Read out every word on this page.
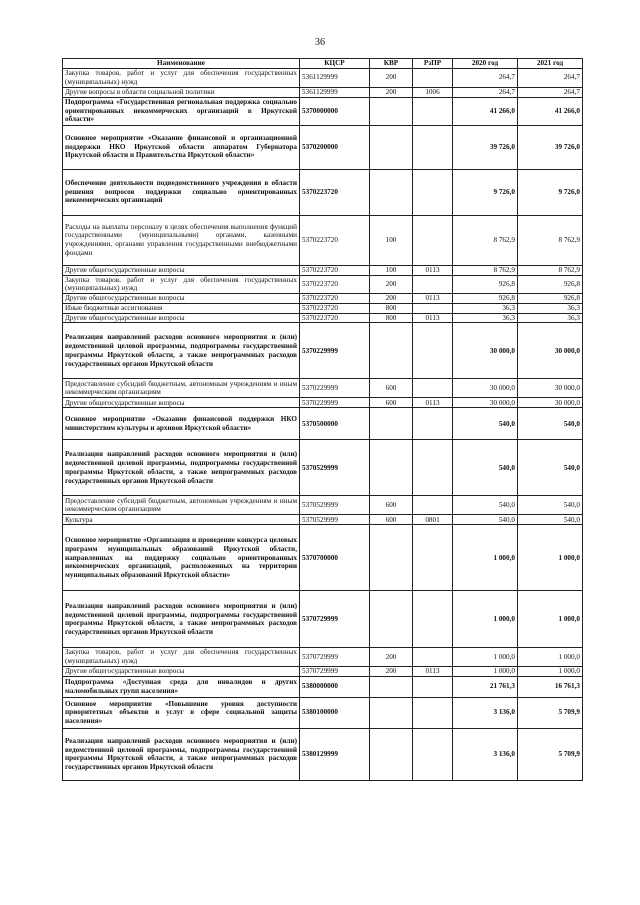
36
Наименование	КЦСР	КВР	РзПР	2020 год	2021 год
Закупка товаров, работ и услуг для обеспечения государственных (муниципальных) нужд	5361129999	200		264,7	264,7
Другие вопросы в области социальной политики	5361129999	200	1006	264,7	264,7
Подпрограмма «Государственная региональная поддержка социально ориентированных некоммерческих организаций в Иркутской области»	5370000000			41 266,0	41 266,0
Основное мероприятие «Оказание финансовой и организационной поддержки НКО Иркутской области аппаратом Губернатора Иркутской области и Правительства Иркутской области»	5370200000			39 726,0	39 726,0
Обеспечение деятельности подведомственного учреждения в области решения вопросов поддержки социально ориентированных некоммерческих организаций	5370223720			9 726,0	9 726,0
Расходы на выплаты персоналу в целях обеспечения выполнения функций государственными (муниципальными) органами, казенными учреждениями, органами управления государственными внебюджетными фондами	5370223720	100		8 762,9	8 762,9
Другие общегосударственные вопросы	5370223720	100	0113	8 762,9	8 762,9
Закупка товаров, работ и услуг для обеспечения государственных (муниципальных) нужд	5370223720	200		926,8	926,8
Другие общегосударственные вопросы	5370223720	200	0113	926,8	926,8
Иные бюджетные ассигнования	5370223720	800		36,3	36,3
Другие общегосударственные вопросы	5370223720	800	0113	36,3	36,3
Реализация направлений расходов основного мероприятия и (или) ведомственной целевой программы, подпрограммы государственной программы Иркутской области, а также непрограммных расходов государственных органов Иркутской области	5370229999			30 000,0	30 000,0
Предоставление субсидий бюджетным, автономным учреждениям и иным некоммерческим организациям	5370229999	600		30 000,0	30 000,0
Другие общегосударственные вопросы	5370229999	600	0113	30 000,0	30 000,0
Основное мероприятие «Оказание финансовой поддержки НКО министерством культуры и архивов Иркутской области»	5370500000			540,0	540,0
Реализация направлений расходов основного мероприятия и (или) ведомственной целевой программы, подпрограммы государственной программы Иркутской области, а также непрограммных расходов государственных органов Иркутской области	5370529999			540,0	540,0
Предоставление субсидий бюджетным, автономным учреждениям и иным некоммерческим организациям	5370529999	600		540,0	540,0
Культура	5370529999	600	0801	540,0	540,0
Основное мероприятие «Организация и проведение конкурса целевых программ муниципальных образований Иркутской области, направленных на поддержку социально ориентированных некоммерческих организаций, расположенных на территории муниципальных образований Иркутской области»	5370700000			1 000,0	1 000,0
Реализация направлений расходов основного мероприятия и (или) ведомственной целевой программы, подпрограммы государственной программы Иркутской области, а также непрограммных расходов государственных органов Иркутской области	5370729999			1 000,0	1 000,0
Закупка товаров, работ и услуг для обеспечения государственных (муниципальных) нужд	5370729999	200		1 000,0	1 000,0
Другие общегосударственные вопросы	5370729999	200	0113	1 000,0	1 000,0
Подпрограмма «Доступная среда для инвалидов и других маломобильных групп населения»	5380000000			21 761,3	16 761,3
Основное мероприятие «Повышение уровня доступности приоритетных объектов и услуг в сфере социальной защиты населения»	5380100000			3 136,0	5 709,9
Реализация направлений расходов основного мероприятия и (или) ведомственной целевой программы, подпрограммы государственной программы Иркутской области, а также непрограммных расходов государственных органов Иркутской области	5380129999			3 136,0	5 709,9
